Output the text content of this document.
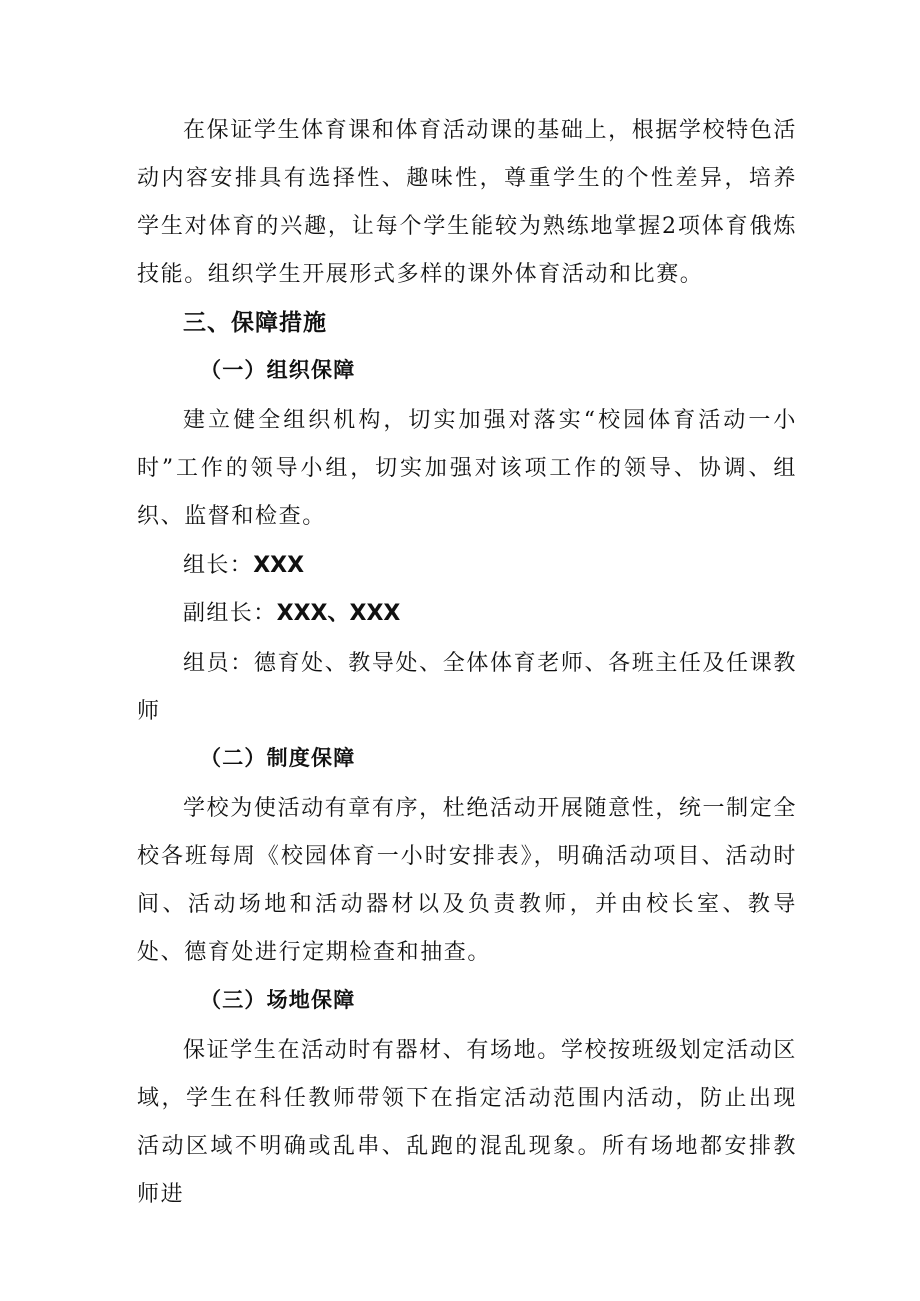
在保证学生体育课和体育活动课的基础上，根据学校特色活动内容安排具有选择性、趣味性，尊重学生的个性差异，培养学生对体育的兴趣，让每个学生能较为熟练地掌握2项体育俄炼技能。组织学生开展形式多样的课外体育活动和比赛。

三、保障措施
（一）组织保障

建立健全组织机构，切实加强对落实“校园体育活动一小时”工作的领导小组，切实加强对该项工作的领导、协调、组织、监督和检查。

组长：XXX
副组长：XXX、XXX

组员：德育处、教导处、全体体育老师、各班主任及任课教师

（二）制度保障

学校为使活动有章有序，杜绝活动开展随意性，统一制定全校各班每周《校园体育一小时安排表》，明确活动项目、活动时间、活动场地和活动器材以及负责教师，并由校长室、教导处、德育处进行定期检查和抽查。

（三）场地保障

保证学生在活动时有器材、有场地。学校按班级划定活动区域，学生在科任教师带领下在指定活动范围内活动，防止出现活动区域不明确或乱串、乱跑的混乱现象。所有场地都安排教师进
